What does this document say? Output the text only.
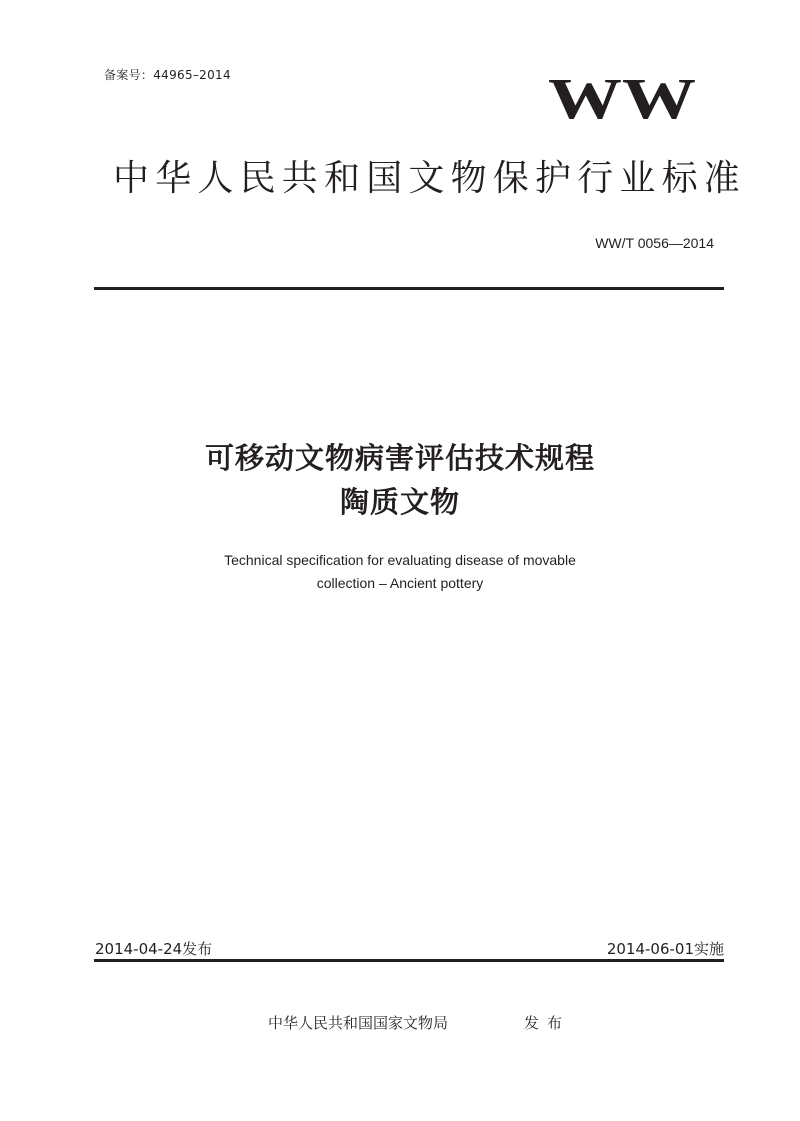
备案号：44965–2014	WW
中华人民共和国文物保护行业标准
WW/T 0056—2014
可移动文物病害评估技术规程
陶质文物
Technical specification for evaluating disease of movable
collection – Ancient pottery
2014-04-24发布	2014-06-01实施
中华人民共和国国家文物局	发布
